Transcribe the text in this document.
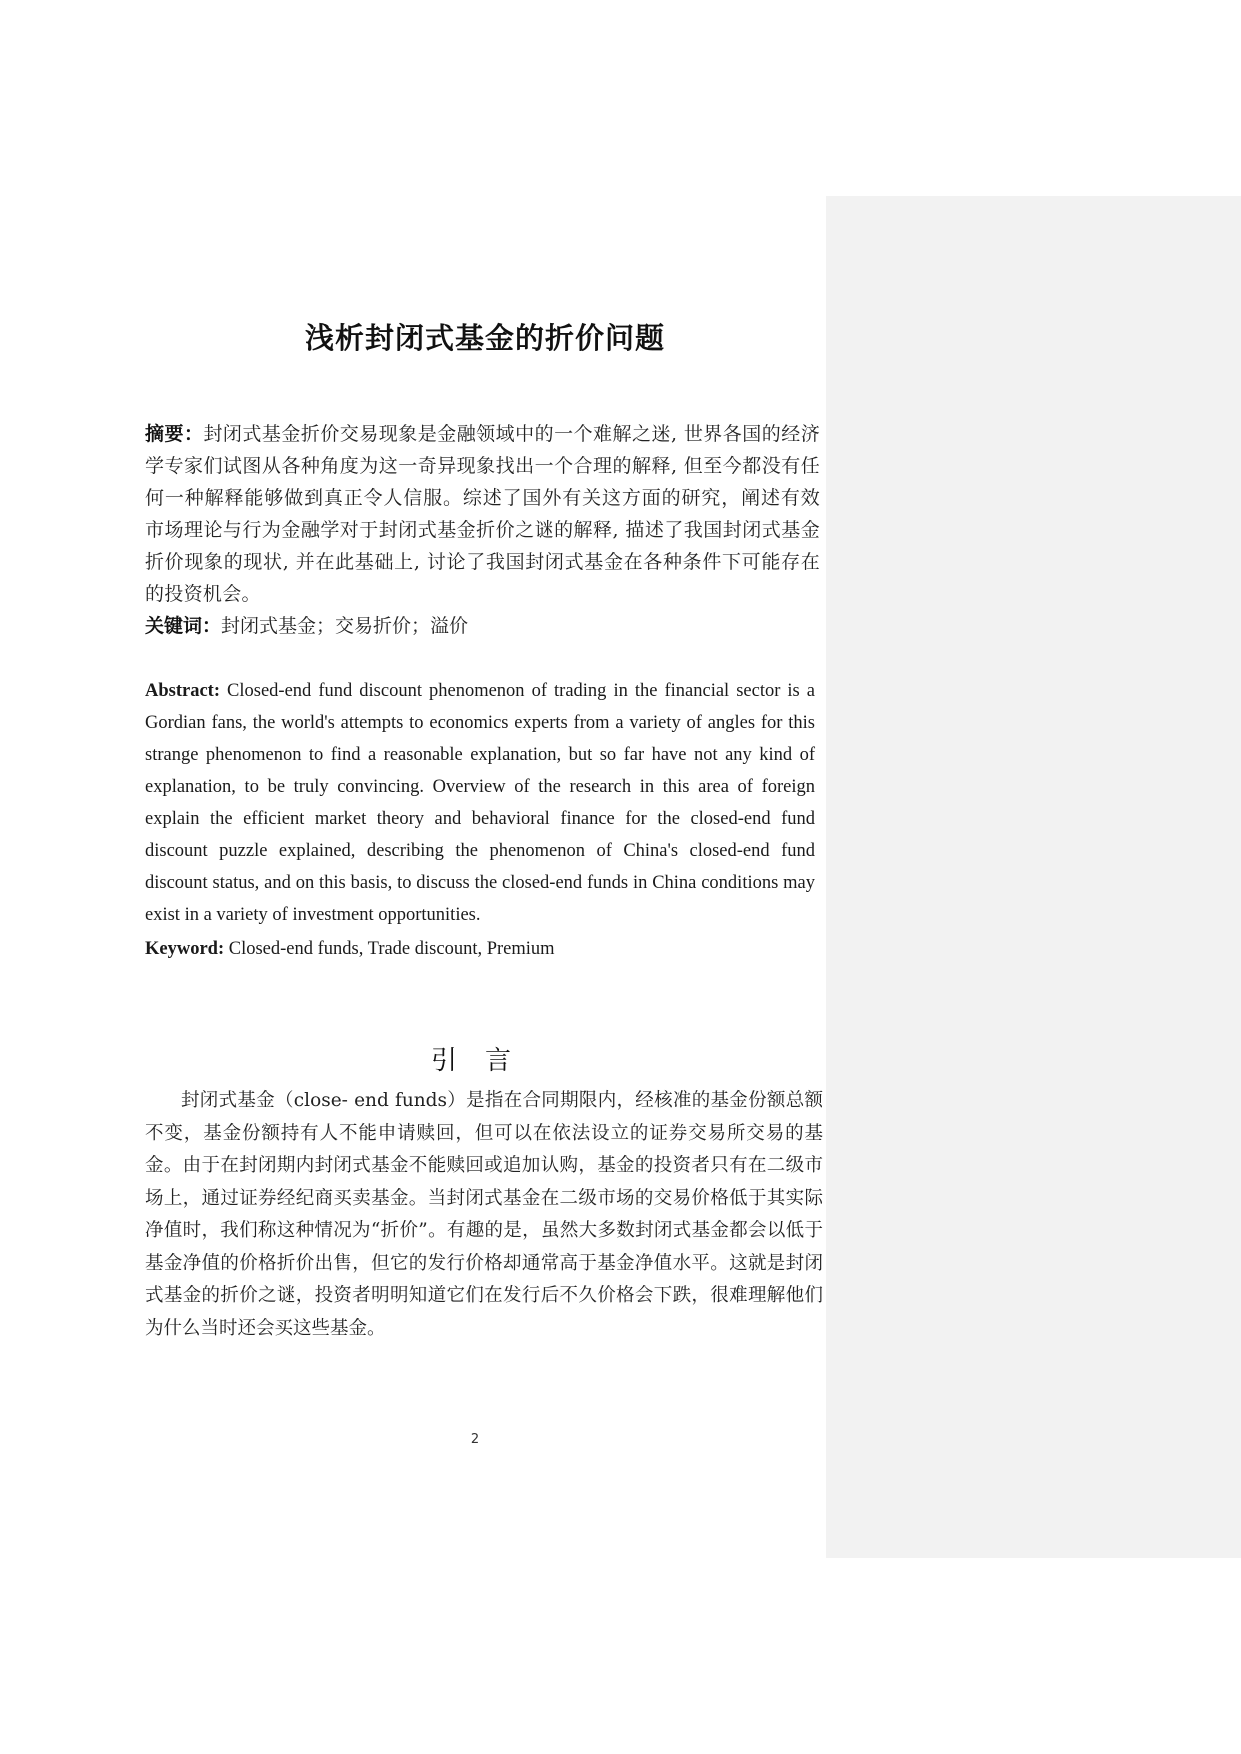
浅析封闭式基金的折价问题

摘要：封闭式基金折价交易现象是金融领域中的一个难解之迷, 世界各国的经济学专家们试图从各种角度为这一奇异现象找出一个合理的解释, 但至今都没有任何一种解释能够做到真正令人信服。综述了国外有关这方面的研究，阐述有效市场理论与行为金融学对于封闭式基金折价之谜的解释, 描述了我国封闭式基金折价现象的现状, 并在此基础上, 讨论了我国封闭式基金在各种条件下可能存在的投资机会。

关键词：封闭式基金；交易折价；溢价

Abstract: Closed-end fund discount phenomenon of trading in the financial sector is a Gordian fans, the world's attempts to economics experts from a variety of angles for this strange phenomenon to find a reasonable explanation, but so far have not any kind of explanation, to be truly convincing. Overview of the research in this area of foreign explain the efficient market theory and behavioral finance for the closed-end fund discount puzzle explained, describing the phenomenon of China's closed-end fund discount status, and on this basis, to discuss the closed-end funds in China conditions may exist in a variety of investment opportunities.

Keyword: Closed-end funds, Trade discount, Premium

引言

封闭式基金（close- end funds）是指在合同期限内，经核准的基金份额总额不变，基金份额持有人不能申请赎回，但可以在依法设立的证券交易所交易的基金。由于在封闭期内封闭式基金不能赎回或追加认购，基金的投资者只有在二级市场上，通过证券经纪商买卖基金。当封闭式基金在二级市场的交易价格低于其实际净值时，我们称这种情况为“折价”。有趣的是，虽然大多数封闭式基金都会以低于基金净值的价格折价出售，但它的发行价格却通常高于基金净值水平。这就是封闭式基金的折价之谜，投资者明明知道它们在发行后不久价格会下跌，很难理解他们为什么当时还会买这些基金。

2
